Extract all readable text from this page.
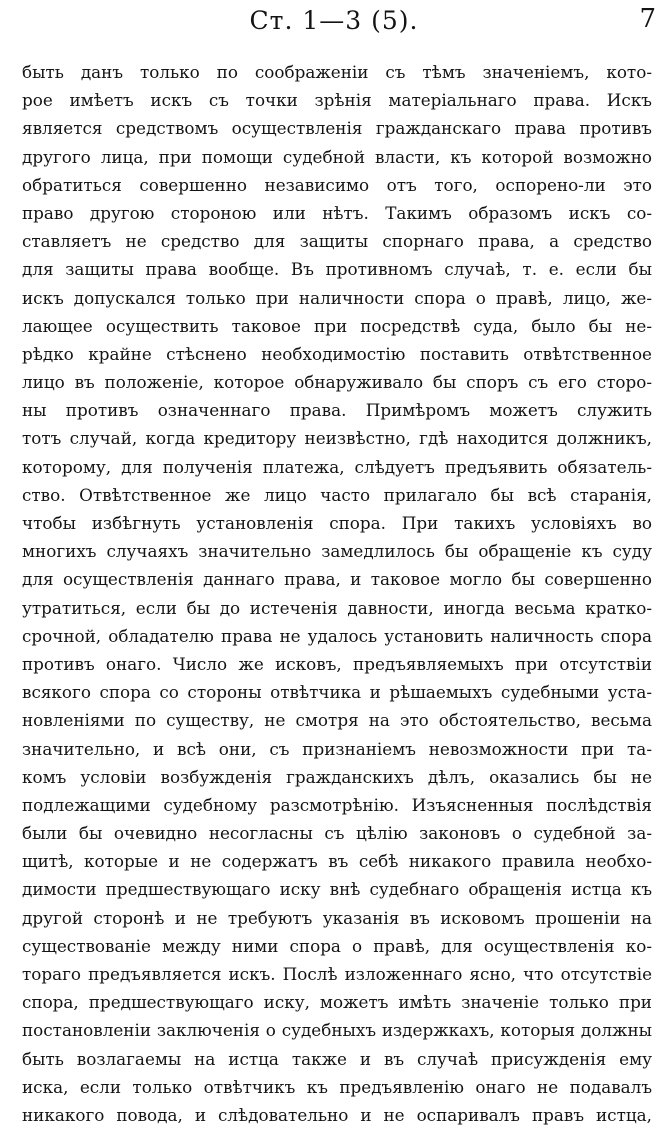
Ст. 1—3 (5).	7
быть данъ только по соображеніи съ тѣмъ значеніемъ, кото-
рое имѣетъ искъ съ точки зрѣнія матеріальнаго права. Искъ
является средствомъ осуществленія гражданскаго права противъ
другого лица, при помощи судебной власти, къ которой возможно
обратиться совершенно независимо отъ того, оспорено-ли это
право другою стороною или нѣтъ. Такимъ образомъ искъ со-
ставляетъ не средство для защиты спорнаго права, а средство
для защиты права вообще. Въ противномъ случаѣ, т. е. если бы
искъ допускался только при наличности спора о правѣ, лицо, же-
лающее осуществить таковое при посредствѣ суда, было бы не-
рѣдко крайне стѣснено необходимостію поставить отвѣтственное
лицо въ положеніе, которое обнаруживало бы споръ съ его сторо-
ны противъ означеннаго права. Примѣромъ можетъ служить
тотъ случай, когда кредитору неизвѣстно, гдѣ находится должникъ,
которому, для полученія платежа, слѣдуетъ предъявить обязатель-
ство. Отвѣтственное же лицо часто прилагало бы всѣ старанія,
чтобы избѣгнуть установленія спора. При такихъ условіяхъ во
многихъ случаяхъ значительно замедлилось бы обращеніе къ суду
для осуществленія даннаго права, и таковое могло бы совершенно
утратиться, если бы до истеченія давности, иногда весьма кратко-
срочной, обладателю права не удалось установить наличность спора
противъ онаго. Число же исковъ, предъявляемыхъ при отсутствіи
всякого спора со стороны отвѣтчика и рѣшаемыхъ судебными уста-
новленіями по существу, не смотря на это обстоятельство, весьма
значительно, и всѣ они, съ признаніемъ невозможности при та-
комъ условіи возбужденія гражданскихъ дѣлъ, оказались бы не
подлежащими судебному разсмотрѣнію. Изъясненныя послѣдствія
были бы очевидно несогласны съ цѣлію законовъ о судебной за-
щитѣ, которые и не содержатъ въ себѣ никакого правила необхо-
димости предшествующаго иску внѣ судебнаго обращенія истца къ
другой сторонѣ и не требуютъ указанія въ исковомъ прошеніи на
существованіе между ними спора о правѣ, для осуществленія ко-
тораго предъявляется искъ. Послѣ изложеннаго ясно, что отсутствіе
спора, предшествующаго иску, можетъ имѣть значеніе только при
постановленіи заключенія о судебныхъ издержкахъ, которыя должны
быть возлагаемы на истца также и въ случаѣ присужденія ему
иска, если только отвѣтчикъ къ предъявленію онаго не подавалъ
никакого повода, и слѣдовательно и не оспаривалъ правъ истца,
